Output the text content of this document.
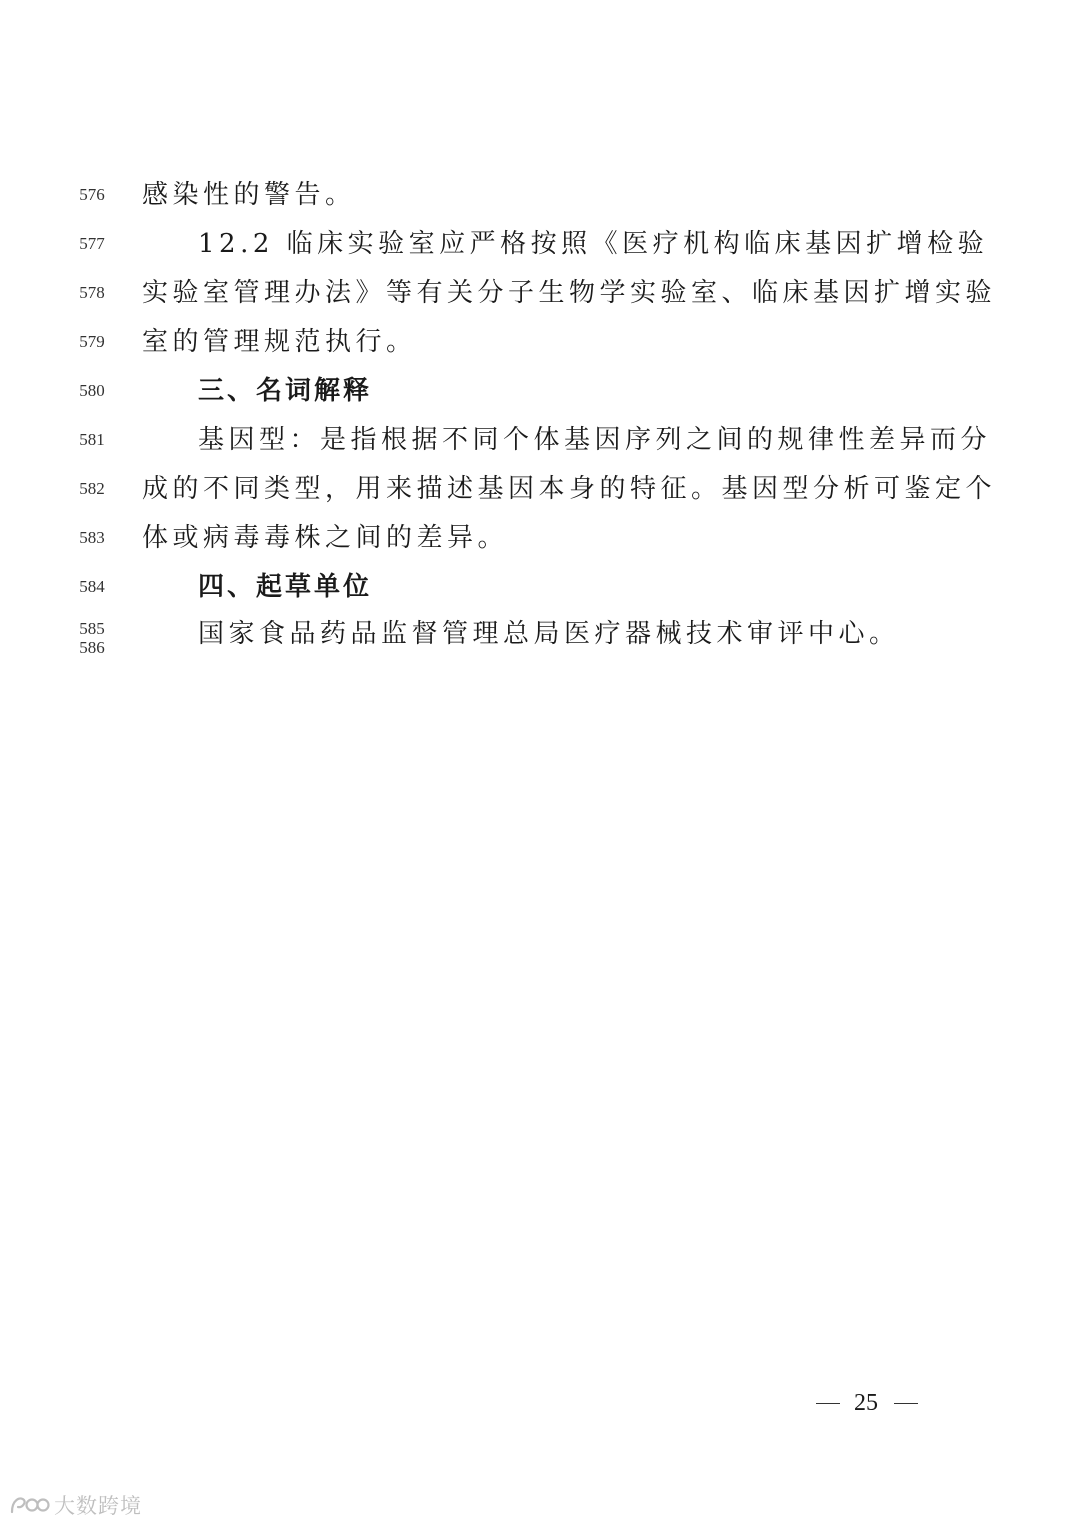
576	感染性的警告。
577	12.2 临床实验室应严格按照《医疗机构临床基因扩增检验
578	实验室管理办法》等有关分子生物学实验室、临床基因扩增实验
579	室的管理规范执行。
580	三、名词解释
581	基因型：是指根据不同个体基因序列之间的规律性差异而分
582	成的不同类型，用来描述基因本身的特征。基因型分析可鉴定个
583	体或病毒毒株之间的差异。
584	四、起草单位
585	国家食品药品监督管理总局医疗器械技术审评中心。
586
25
大数跨境
